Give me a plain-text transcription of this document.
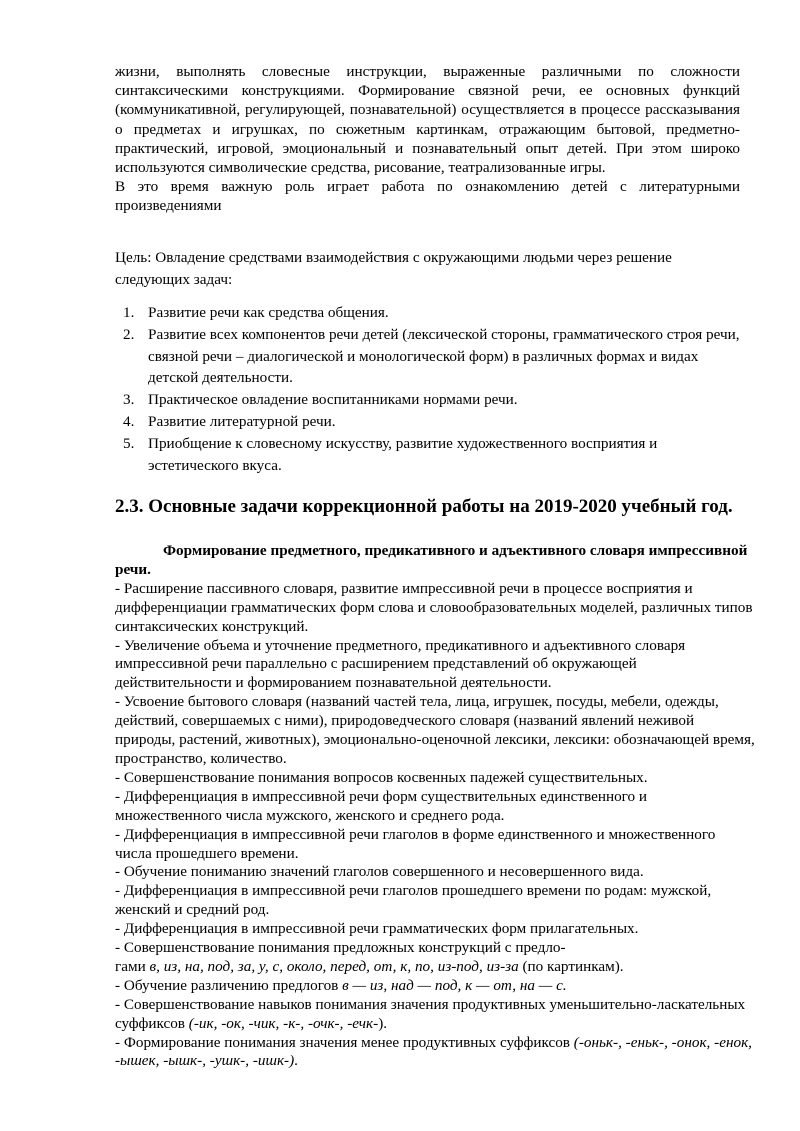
жизни, выполнять словесные инструкции, выраженные различными по сложности синтаксическими конструкциями. Формирование связной речи, ее основных функций (коммуникативной, регулирующей, познавательной) осуществляется в процессе рассказывания о предметах и игрушках, по сюжетным картинкам, отражающим бытовой, предметно-практический, игровой, эмоциональный и познавательный опыт детей. При этом широко используются символические средства, рисование, театрализованные игры.

В это время важную роль играет работа по ознакомлению детей с литературными произведениями

Цель: Овладение средствами взаимодействия с окружающими людьми через решение следующих задач:

1. Развитие речи как средства общения.
2. Развитие всех компонентов речи детей (лексической стороны, грамматического строя речи, связной речи – диалогической и монологической форм) в различных формах и видах детской деятельности.
3. Практическое овладение воспитанниками нормами речи.
4. Развитие литературной речи.
5. Приобщение к словесному искусству, развитие художественного восприятия и эстетического вкуса.
2.3. Основные задачи коррекционной работы на 2019-2020 учебный год.

Формирование предметного, предикативного и адъективного словаря импрессивной речи.

- Расширение пассивного словаря, развитие импрессивной речи в процессе восприятия и дифференциации грамматических форм слова и словообразовательных моделей, различных типов синтаксических конструкций.

- Увеличение объема и уточнение предметного, предикативного и адъективного словаря импрессивной речи параллельно с расширением представлений об окружающей действительности и формированием познавательной деятельности.

- Усвоение бытового словаря (названий частей тела, лица, игрушек, посуды, мебели, одежды, действий, совершаемых с ними), природоведческого словаря (названий явлений неживой природы, растений, животных), эмоционально-оценочной лексики, лексики: обозначающей время, пространство, количество.

- Совершенствование понимания вопросов косвенных падежей существительных.

- Дифференциация в импрессивной речи форм существительных единственного и множественного числа мужского, женского и среднего рода.

- Дифференциация в импрессивной речи глаголов в форме единственного и множественного числа прошедшего времени.

- Обучение пониманию значений глаголов совершенного и несовершенного вида.

- Дифференциация в импрессивной речи глаголов прошедшего времени по родам: мужской, женский и средний род.

- Дифференциация в импрессивной речи грамматических форм прилагательных.

- Совершенствование понимания предложных конструкций с предло-
гами в, из, на, под, за, у, с, около, перед, от, к, по, из-под, из-за (по картинкам).

- Обучение различению предлогов в — из, над — под, к — от, на — с.

- Совершенствование навыков понимания значения продуктивных уменьшительно-ласкательных суффиксов (-ик, -ок, -чик, -к-, -очк-, -ечк-).

- Формирование понимания значения менее продуктивных суффиксов (-оньк-, -еньк-, -онок, -енок, -ышек, -ышк-, -ушк-, -ишк-).
